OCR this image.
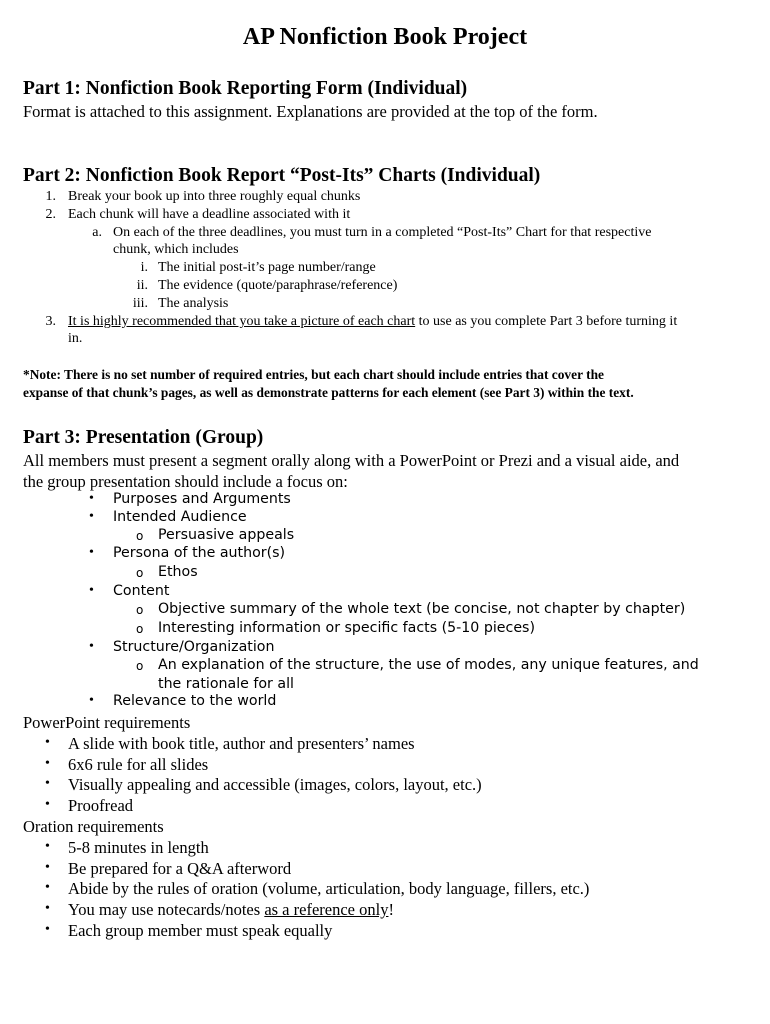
AP Nonfiction Book Project
Part 1: Nonfiction Book Reporting Form (Individual)
Format is attached to this assignment. Explanations are provided at the top of the form.
Part 2: Nonfiction Book Report “Post-Its” Charts (Individual)
1. Break your book up into three roughly equal chunks
2. Each chunk will have a deadline associated with it
a. On each of the three deadlines, you must turn in a completed “Post-Its” Chart for that respective
chunk, which includes
i. The initial post-it’s page number/range
ii. The evidence (quote/paraphrase/reference)
iii. The analysis
3. It is highly recommended that you take a picture of each chart to use as you complete Part 3 before turning it
in.
*Note: There is no set number of required entries, but each chart should include entries that cover the
expanse of that chunk’s pages, as well as demonstrate patterns for each element (see Part 3) within the text.
Part 3: Presentation (Group)
All members must present a segment orally along with a PowerPoint or Prezi and a visual aide, and
the group presentation should include a focus on:
• Purposes and Arguments
• Intended Audience
o Persuasive appeals
• Persona of the author(s)
o Ethos
• Content
o Objective summary of the whole text (be concise, not chapter by chapter)
o Interesting information or specific facts (5-10 pieces)
• Structure/Organization
o An explanation of the structure, the use of modes, any unique features, and
the rationale for all
• Relevance to the world
PowerPoint requirements
• A slide with book title, author and presenters’ names
• 6x6 rule for all slides
• Visually appealing and accessible (images, colors, layout, etc.)
• Proofread
Oration requirements
• 5-8 minutes in length
• Be prepared for a Q&A afterword
• Abide by the rules of oration (volume, articulation, body language, fillers, etc.)
• You may use notecards/notes as a reference only!
• Each group member must speak equally
